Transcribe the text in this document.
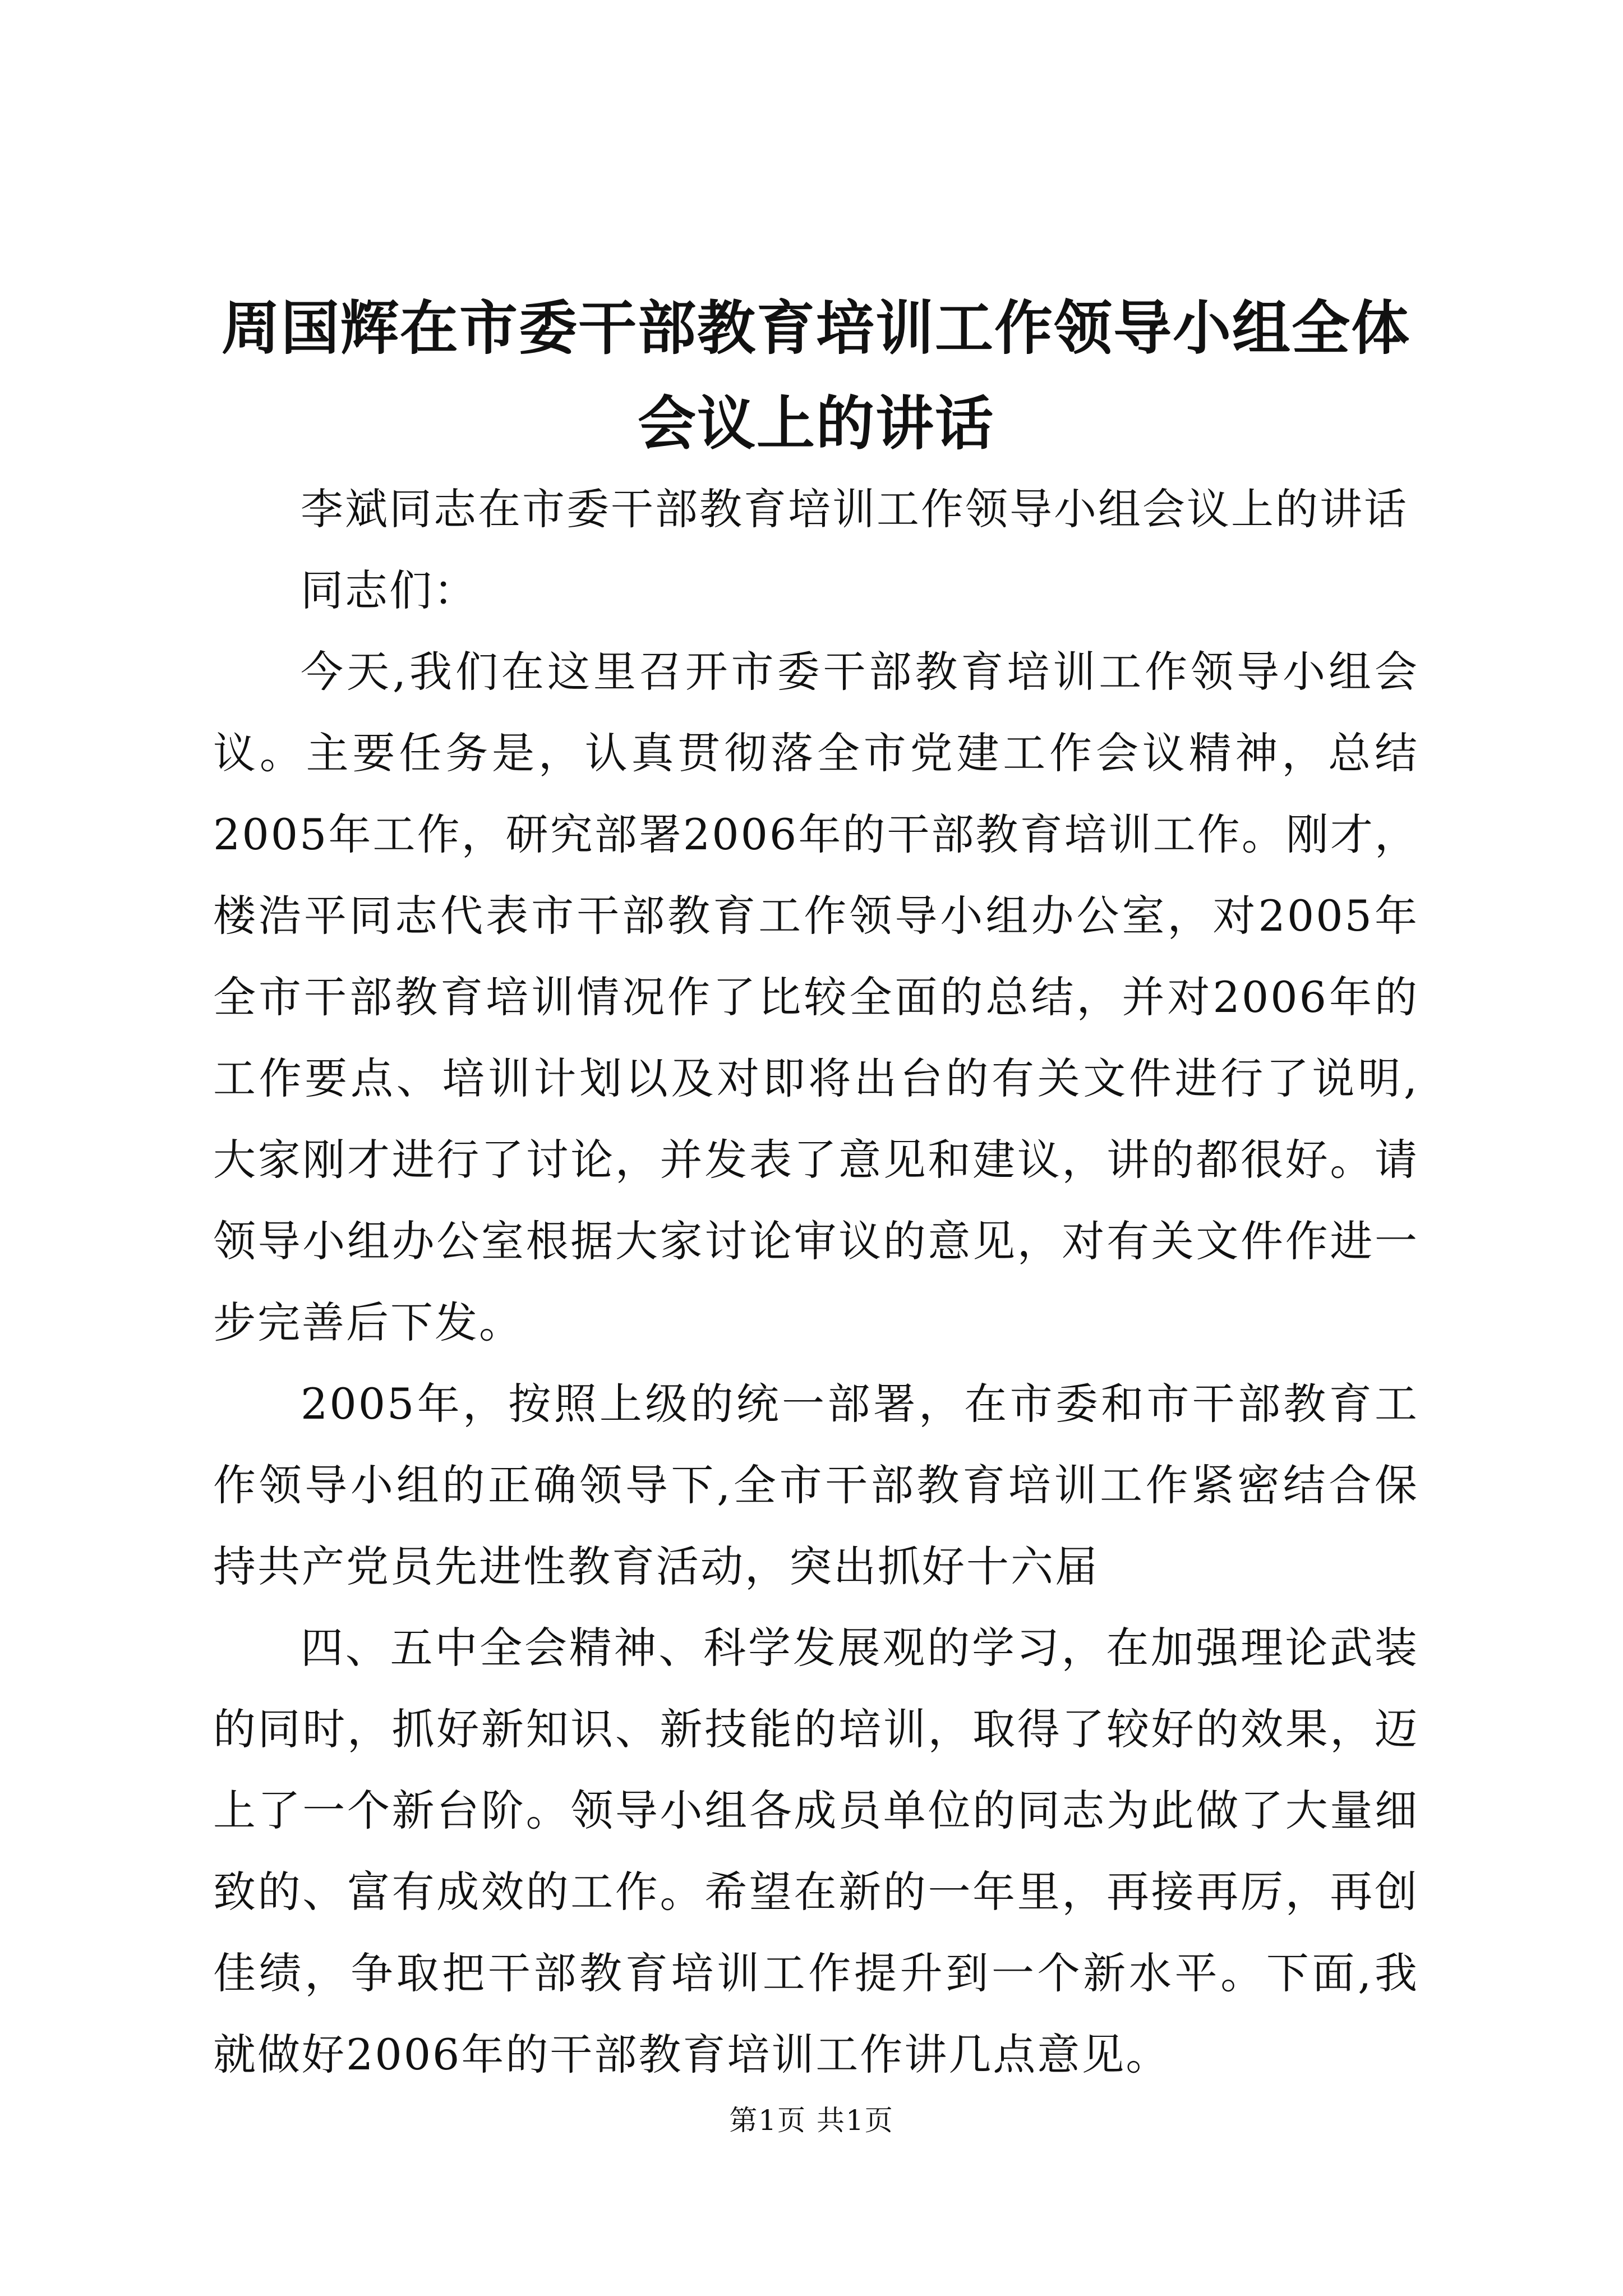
周国辉在市委干部教育培训工作领导小组全体会议上的讲话

李斌同志在市委干部教育培训工作领导小组会议上的讲话

同志们：

今天,我们在这里召开市委干部教育培训工作领导小组会议。主要任务是，认真贯彻落全市党建工作会议精神，总结2005年工作，研究部署2006年的干部教育培训工作。刚才，楼浩平同志代表市干部教育工作领导小组办公室，对2005年全市干部教育培训情况作了比较全面的总结，并对2006年的工作要点、培训计划以及对即将出台的有关文件进行了说明,大家刚才进行了讨论，并发表了意见和建议，讲的都很好。请领导小组办公室根据大家讨论审议的意见，对有关文件作进一步完善后下发。

2005年，按照上级的统一部署，在市委和市干部教育工作领导小组的正确领导下,全市干部教育培训工作紧密结合保持共产党员先进性教育活动，突出抓好十六届

四、五中全会精神、科学发展观的学习，在加强理论武装的同时，抓好新知识、新技能的培训，取得了较好的效果，迈上了一个新台阶。领导小组各成员单位的同志为此做了大量细致的、富有成效的工作。希望在新的一年里，再接再厉，再创佳绩，争取把干部教育培训工作提升到一个新水平。下面,我就做好2006年的干部教育培训工作讲几点意见。

第1页 共1页
